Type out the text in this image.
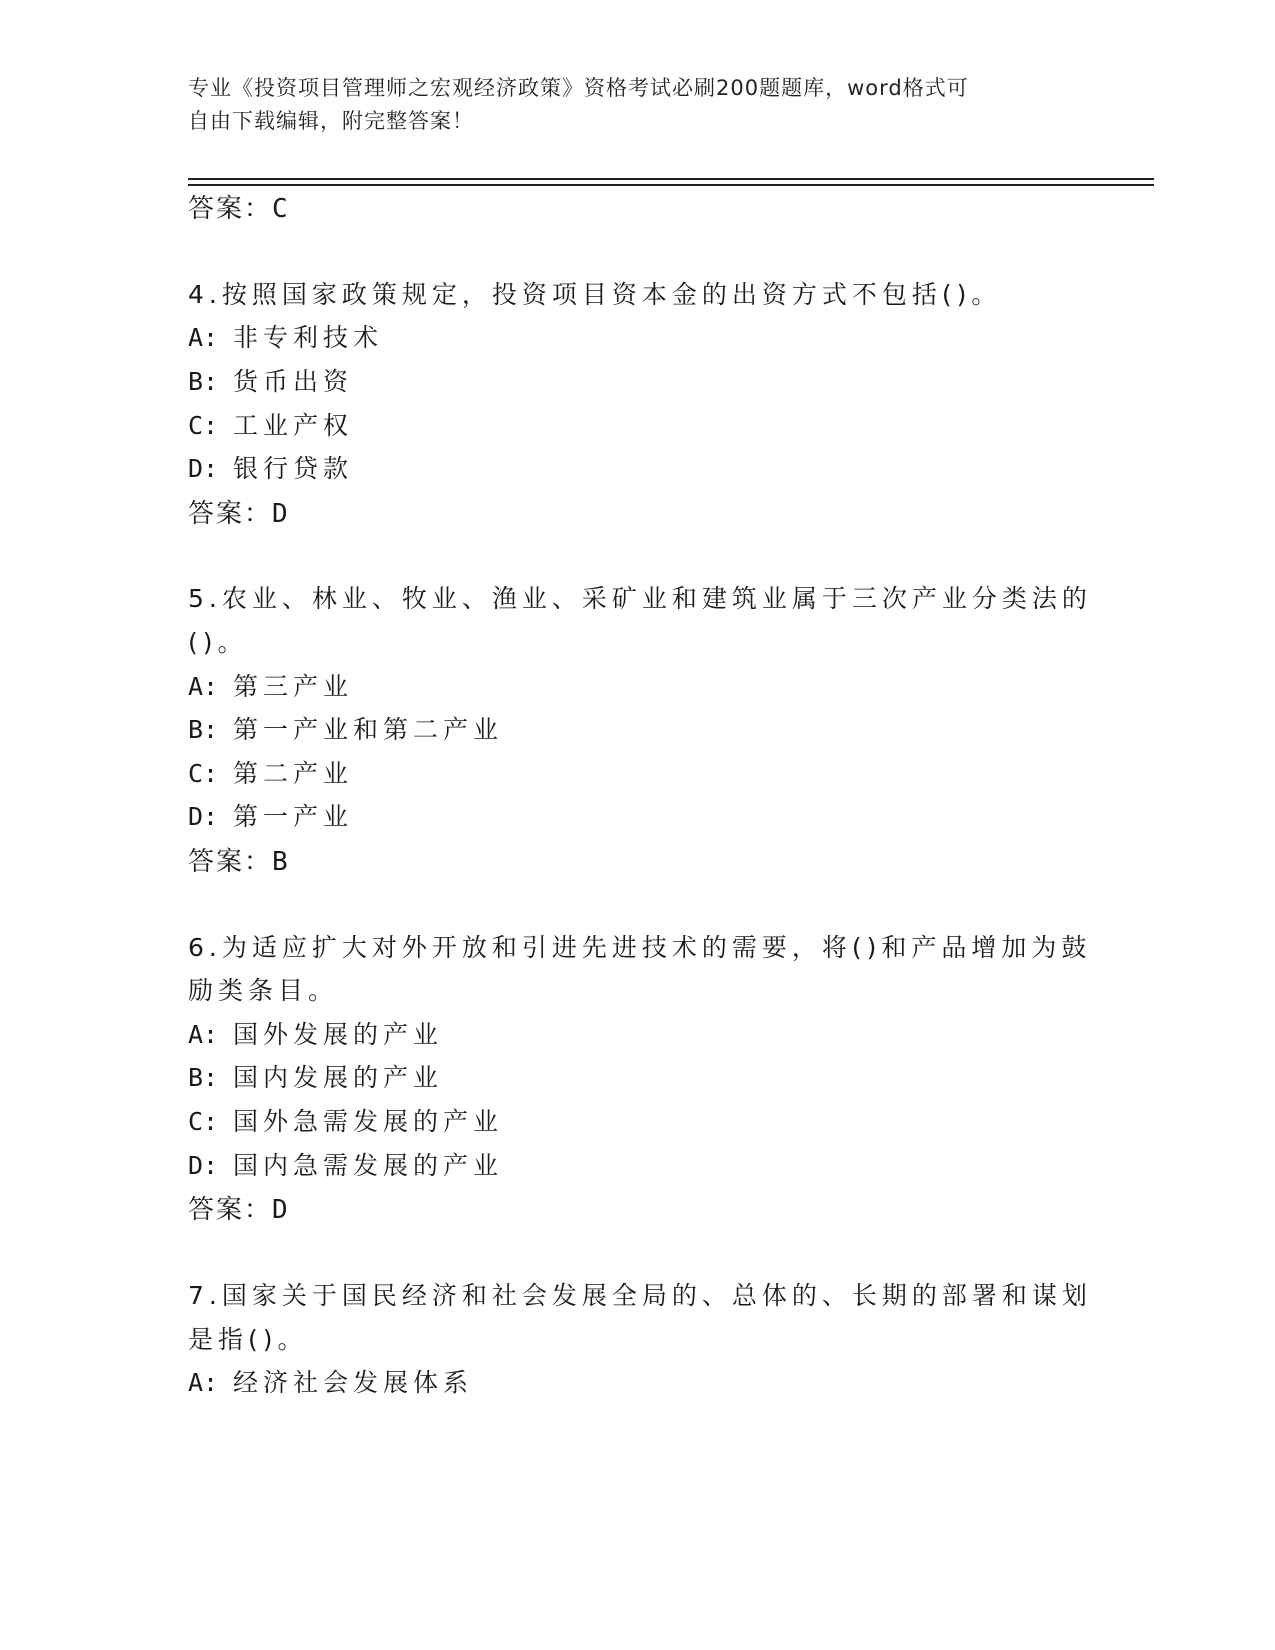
专业《投资项目管理师之宏观经济政策》资格考试必刷200题题库，word格式可
自由下载编辑，附完整答案！
答案：C
4.按照国家政策规定，投资项目资本金的出资方式不包括()。
A: 非专利技术
B: 货币出资
C: 工业产权
D: 银行贷款
答案：D
5.农业、林业、牧业、渔业、采矿业和建筑业属于三次产业分类法的
()。
A: 第三产业
B: 第一产业和第二产业
C: 第二产业
D: 第一产业
答案：B
6.为适应扩大对外开放和引进先进技术的需要，将()和产品增加为鼓
励类条目。
A: 国外发展的产业
B: 国内发展的产业
C: 国外急需发展的产业
D: 国内急需发展的产业
答案：D
7.国家关于国民经济和社会发展全局的、总体的、长期的部署和谋划
是指()。
A: 经济社会发展体系
